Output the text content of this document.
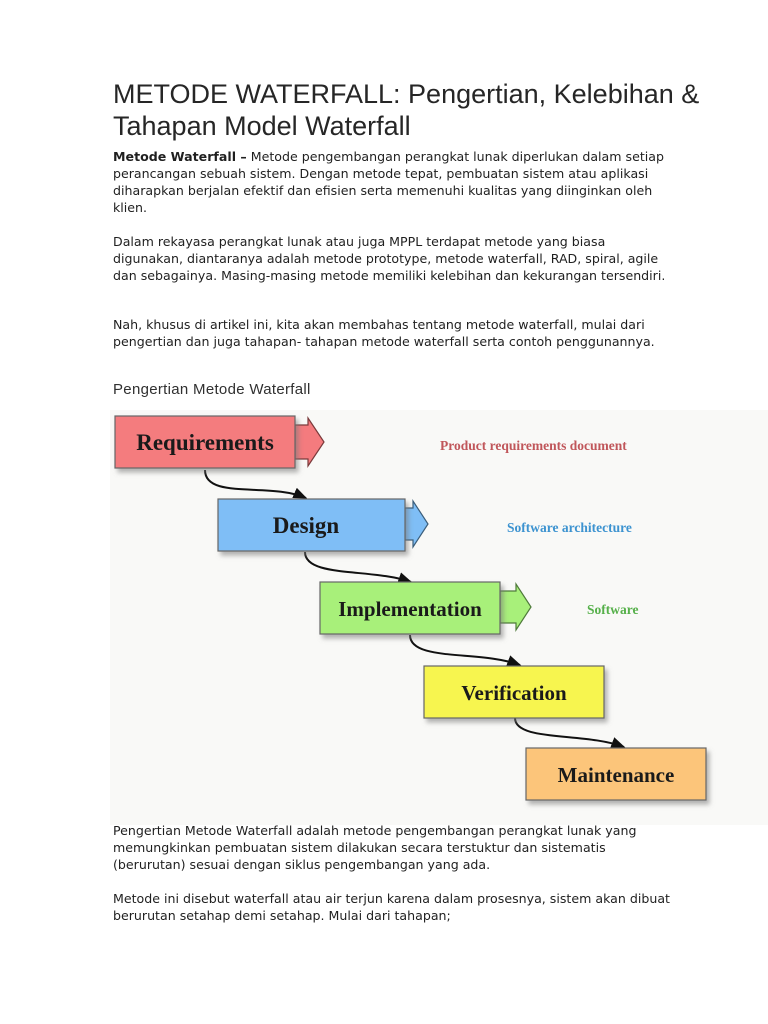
METODE WATERFALL: Pengertian, Kelebihan & Tahapan Model Waterfall

Metode Waterfall – Metode pengembangan perangkat lunak diperlukan dalam setiap perancangan sebuah sistem. Dengan metode tepat, pembuatan sistem atau aplikasi diharapkan berjalan efektif dan efisien serta memenuhi kualitas yang diinginkan oleh klien.

Dalam rekayasa perangkat lunak atau juga MPPL terdapat metode yang biasa digunakan, diantaranya adalah metode prototype, metode waterfall, RAD, spiral, agile dan sebagainya. Masing-masing metode memiliki kelebihan dan kekurangan tersendiri.

Nah, khusus di artikel ini, kita akan membahas tentang metode waterfall, mulai dari pengertian dan juga tahapan- tahapan metode waterfall serta contoh penggunannya.

Pengertian Metode Waterfall
Requirements
Design
Implementation
Verification
Maintenance
Product requirements document
Software architecture
Software

Pengertian Metode Waterfall adalah metode pengembangan perangkat lunak yang memungkinkan pembuatan sistem dilakukan secara terstuktur dan sistematis (berurutan) sesuai dengan siklus pengembangan yang ada.

Metode ini disebut waterfall atau air terjun karena dalam prosesnya, sistem akan dibuat berurutan setahap demi setahap. Mulai dari tahapan;
